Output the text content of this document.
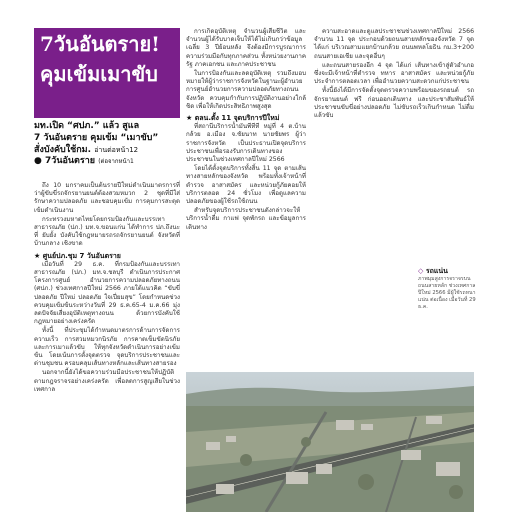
7วันอันตราย!
คุมเข้มเมาขับ
มท.เปิด “ศปภ.” แล้ว สูแล
7 วันอันตราย คุมเข้ม “เมาขับ”
สั่งบังคับใช้กม. อ่านต่อหน้า12
● 7วันอันตราย (ต่อจากหน้า1

ถึง 10 มกราคมเป็นต้นรายปีใหม่ดำเนินมาตรการที่ว่าผู้ขับขี่รถจักรยานยนต์ต้องสวมหมวก 2 ชุดที่มีใส่รักษาความปลอดภัย และชอบคุมเข้ม การคุมการสะดุดเข้มดำเนินงาน

กระทรวงมหาดไทยโดยกรมป้องกันและบรรเทาสาธารณภัย (ปภ.) มท.จ.ขอนแก่น ได้ทำการ ปภ.ถึงนะที่ ยับยั้ง บังคับใช้กฎหมายรถรถจักรยานยนต์ จังหวัดที่บ้านกลาง เชิงขาด

★ ศูนย์ปภ.ชุม 7 วันอันตราย

เมื่อวันที่ 29 ธ.ค. ที่กรมป้องกันและบรรเทาสาธารณภัย (ปภ.) มท.จ.ชลบุรี ดำเนินการประกาศโครงการศูนย์ อำนวยการความปลอดภัยทางถนน (ศปภ.) ช่วงเทศกาลปีใหม่ 2566 ภายใต้แนวคิด “ขับขี่ปลอดภัย ปีใหม่ ปลอดภัย ใจเปี่ยมสุข” โดยกำหนดช่วงควบคุมเข้มข้นระหว่างวันที่ 29 ธ.ค.65-4 ม.ค.66 มุ่งลดปัจจัยเสี่ยงอุบัติเหตุทางถนน ด้วยการบังคับใช้กฎหมายอย่างเคร่งครัด

ทั้งนี้ ที่ประชุมได้กำหนดมาตรการด้านการจัดการความเร็ว การสวมหมวกนิรภัย การคาดเข็มขัดนิรภัย และการเมาแล้วขับ ให้ทุกจังหวัดดำเนินการอย่างเข้มข้น โดยเน้นการตั้งจุดตรวจ จุดบริการประชาชนและด่านชุมชน ครอบคลุมเส้นทางหลักและเส้นทางสายรอง

นอกจากนี้ยังได้ขอความร่วมมือประชาชนให้ปฏิบัติตามกฎจราจรอย่างเคร่งครัด เพื่อลดการสูญเสียในช่วงเทศกาล

การเกิดอุบัติเหตุ จำนวนผู้เสียชีวิต และจำนวนผู้ได้รับบาดเจ็บให้ได้ไม่เกินกว่าข้อมูลเฉลี่ย 3 ปีย้อนหลัง จึงต้องมีการบูรณาการความร่วมมือกับทุกภาคส่วน ทั้งหน่วยงานภาครัฐ ภาคเอกชน และภาคประชาชน

ในการป้องกันและลดอุบัติเหตุ รวมถึงมอบหมายให้ผู้ว่าราชการจังหวัดในฐานะผู้อำนวยการศูนย์อำนวยการความปลอดภัยทางถนนจังหวัด ควบคุมกำกับการปฏิบัติงานอย่างใกล้ชิด เพื่อให้เกิดประสิทธิภาพสูงสุด

★ ตลน.ตั้ง 11 จุดบริการปีใหม่

ที่สถานีบริการน้ำมันพีทีที หมู่ที่ 4 ต.บ้านกล้วย อ.เมือง จ.ชัยนาท นายชัยพร ผู้ว่าราชการจังหวัด เป็นประธานเปิดจุดบริการประชาชนเพื่อรองรับการเดินทางของประชาชนในช่วงเทศกาลปีใหม่ 2566

โดยได้ตั้งจุดบริการทั้งสิ้น 11 จุด ตามเส้นทางสายหลักของจังหวัด พร้อมทั้งเจ้าหน้าที่ตำรวจ อาสาสมัคร และหน่วยกู้ภัยคอยให้บริการตลอด 24 ชั่วโมง เพื่อดูแลความปลอดภัยของผู้ใช้รถใช้ถนน

สำหรับจุดบริการประชาชนดังกล่าวจะให้บริการน้ำดื่ม กาแฟ จุดพักรถ และข้อมูลการเดินทาง

ความสะอาดและดูแลประชาชนช่วงเทศกาลปีใหม่ 2566 จำนวน 11 จุด ประกอบด้วยถนนสายหลักของจังหวัด 7 จุด ได้แก่ บริเวณสามแยกบ้านกล้วย ถนนพหลโยธิน กม.3+200 ถนนสายเอเชีย และจุดอื่นๆ

และถนนสายรองอีก 4 จุด ได้แก่ เส้นทางเข้าสู่ตัวอำเภอ ซึ่งจะมีเจ้าหน้าที่ตำรวจ ทหาร อาสาสมัคร และหน่วยกู้ภัย ประจำการตลอดเวลา เพื่ออำนวยความสะดวกแก่ประชาชน

ทั้งนี้ยังได้มีการจัดตั้งจุดตรวจความพร้อมของรถยนต์ รถจักรยานยนต์ ฟรี ก่อนออกเดินทาง และประชาสัมพันธ์ให้ประชาชนขับขี่อย่างปลอดภัย ไม่ขับรถเร็วเกินกำหนด ไม่ดื่มแล้วขับ

◇ รถแน่น
ภาพมุมสูงการจราจรบนถนนสายหลัก ช่วงเทศกาลปีใหม่ 2566 มีผู้ใช้รถหนาแน่น ต่อเนื่อง เมื่อวันที่ 29 ธ.ค.
